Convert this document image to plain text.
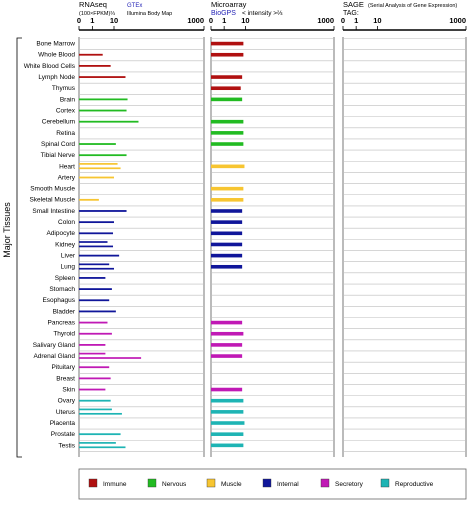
RNAseq
(100×FPKM)⅔
GTEx
Illumina Body Map
Microarray
BioGPS < intensity >⅔
SAGE (Serial Analysis of Gene Expression)
TAG:
0 1 10	1000 0 1 10	1000 0 1 10	1000
Major Tissues
Bone Marrow
Whole Blood
White Blood Cells
Lymph Node
Thymus
Brain
Cortex
Cerebellum
Retina
Spinal Cord
Tibial Nerve
Heart
Artery
Smooth Muscle
Skeletal Muscle
Small Intestine
Colon
Adipocyte
Kidney
Liver
Lung
Spleen
Stomach
Esophagus
Bladder
Pancreas
Thyroid
Salivary Gland
Adrenal Gland
Pituitary
Breast
Skin
Ovary
Uterus
Placenta
Prostate
Testis
Immune	Nervous	Muscle	Internal	Secretory	Reproductive
